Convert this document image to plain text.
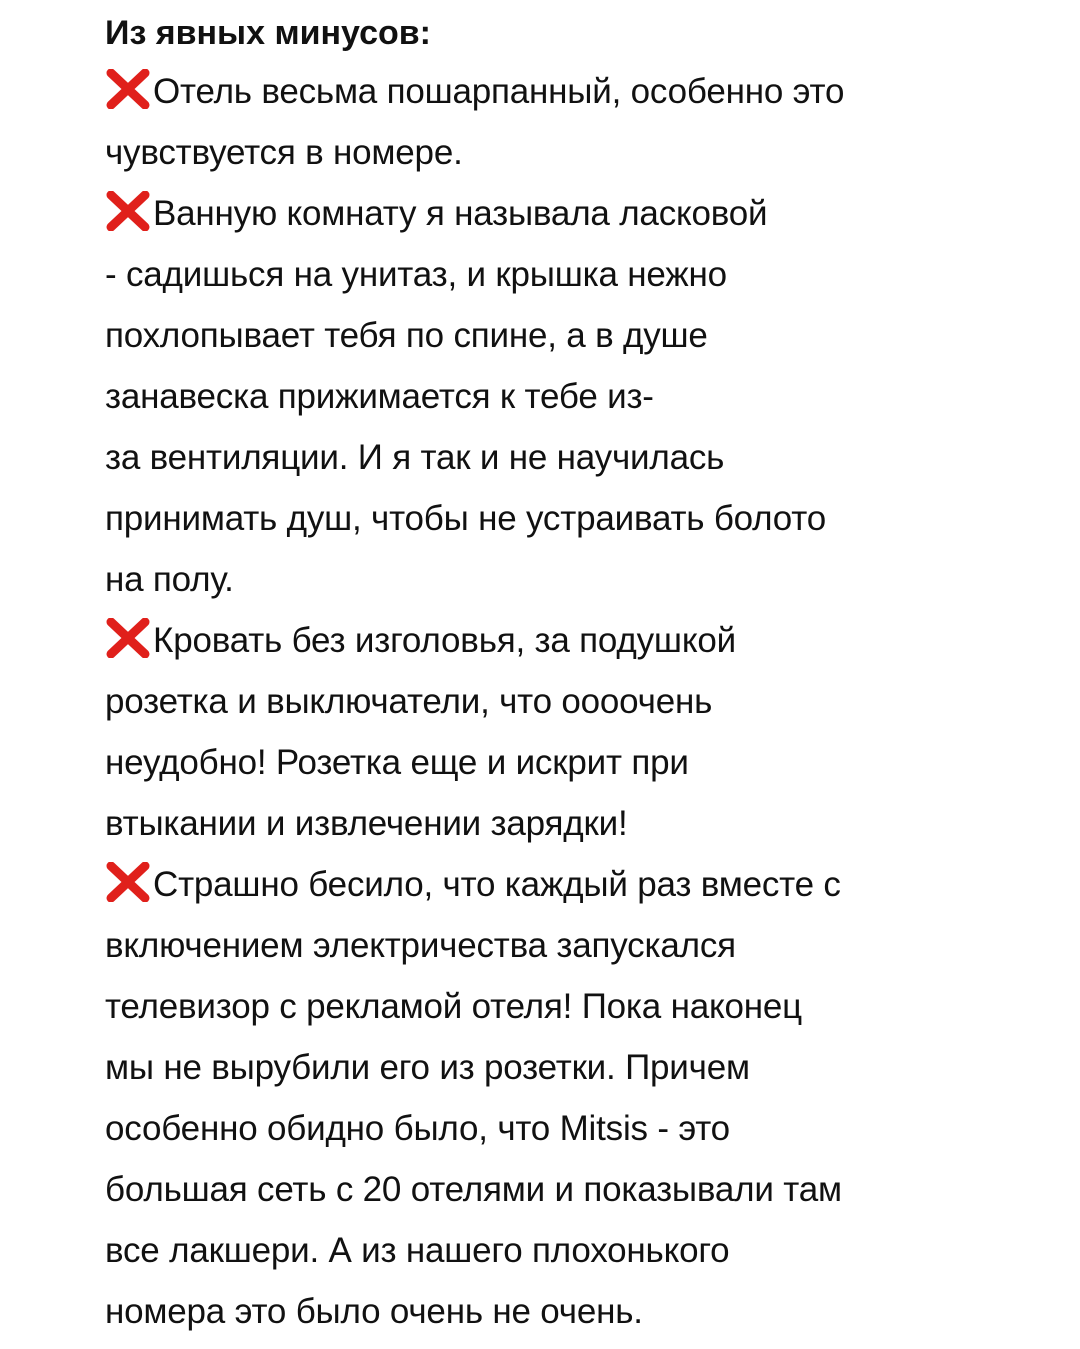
Из явных минусов:
Отель весьма пошарпанный, особенно это
чувствуется в номере.
Ванную комнату я называла ласковой
- садишься на унитаз, и крышка нежно
похлопывает тебя по спине, а в душе
занавеска прижимается к тебе из-
за вентиляции. И я так и не научилась
принимать душ, чтобы не устраивать болото
на полу.
Кровать без изголовья, за подушкой
розетка и выключатели, что оооочень
неудобно! Розетка еще и искрит при
втыкании и извлечении зарядки!
Страшно бесило, что каждый раз вместе с
включением электричества запускался
телевизор с рекламой отеля! Пока наконец
мы не вырубили его из розетки. Причем
особенно обидно было, что Mitsis - это
большая сеть с 20 отелями и показывали там
все лакшери. А из нашего плохонького
номера это было очень не очень.
